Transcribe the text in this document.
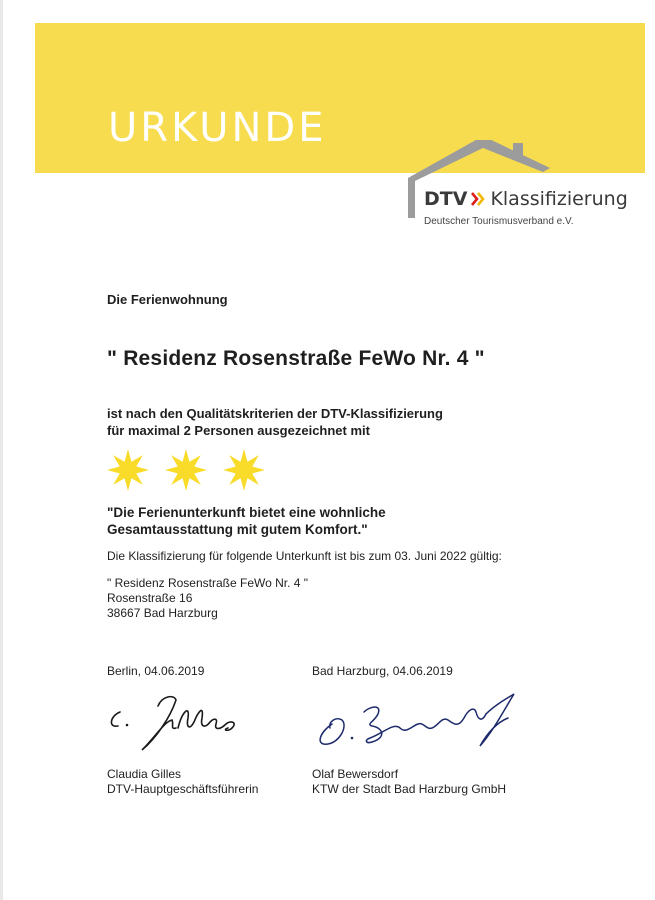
URKUNDE
DTV Klassifizierung
Deutscher Tourismusverband e.V.
Die Ferienwohnung
" Residenz Rosenstraße FeWo Nr. 4 "
ist nach den Qualitätskriterien der DTV-Klassifizierung
für maximal 2 Personen ausgezeichnet mit
"Die Ferienunterkunft bietet eine wohnliche
Gesamtausstattung mit gutem Komfort."
Die Klassifizierung für folgende Unterkunft ist bis zum 03. Juni 2022 gültig:
" Residenz Rosenstraße FeWo Nr. 4 "
Rosenstraße 16
38667 Bad Harzburg
Berlin, 04.06.2019	Bad Harzburg, 04.06.2019
Claudia Gilles
DTV-Hauptgeschäftsführerin
Olaf Bewersdorf
KTW der Stadt Bad Harzburg GmbH
